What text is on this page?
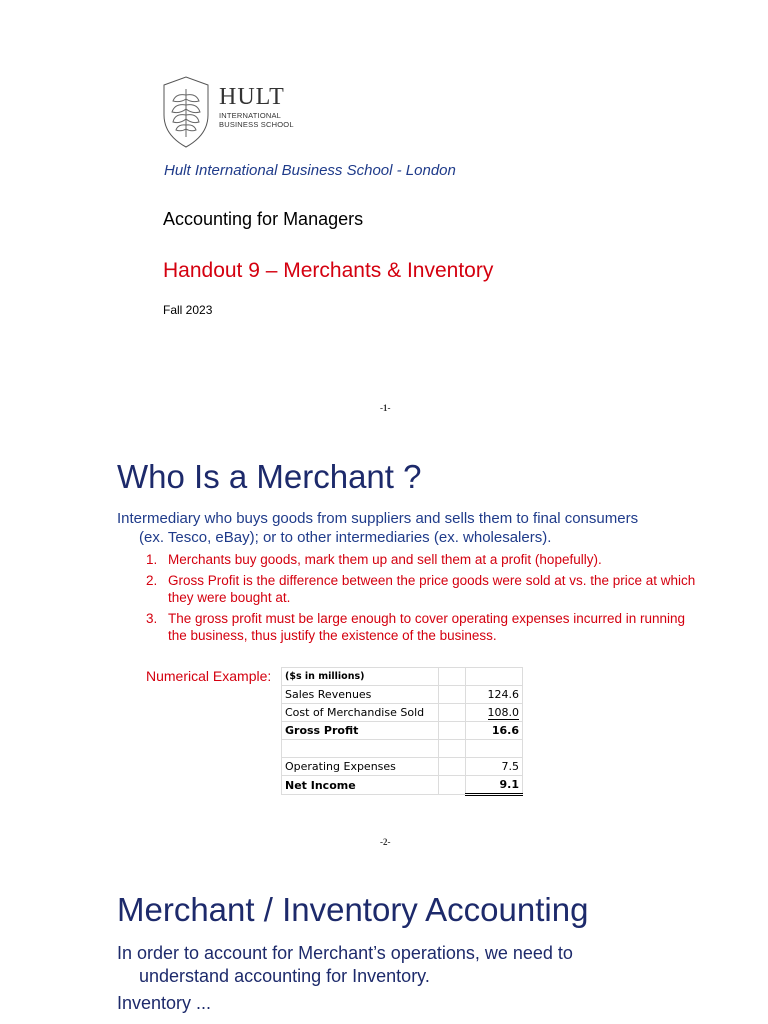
HULT
INTERNATIONAL
BUSINESS SCHOOL
Hult International Business School - London
Accounting for Managers
Handout 9 – Merchants & Inventory
Fall 2023
-1-
Who Is a Merchant ?
Intermediary who buys goods from suppliers and sells them to final consumers
(ex. Tesco, eBay); or to other intermediaries (ex. wholesalers).
1. Merchants buy goods, mark them up and sell them at a profit (hopefully).
2. Gross Profit is the difference between the price goods were sold at vs. the price at which they were bought at.
3. The gross profit must be large enough to cover operating expenses incurred in running the business, thus justify the existence of the business.
Numerical Example: ($s in millions)		
Sales Revenues		124.6
Cost of Merchandise Sold		108.0
Gross Profit		16.6

Operating Expenses		7.5
Net Income		9.1
-2-
Merchant / Inventory Accounting
In order to account for Merchant’s operations, we need to
understand accounting for Inventory.
Inventory ...
